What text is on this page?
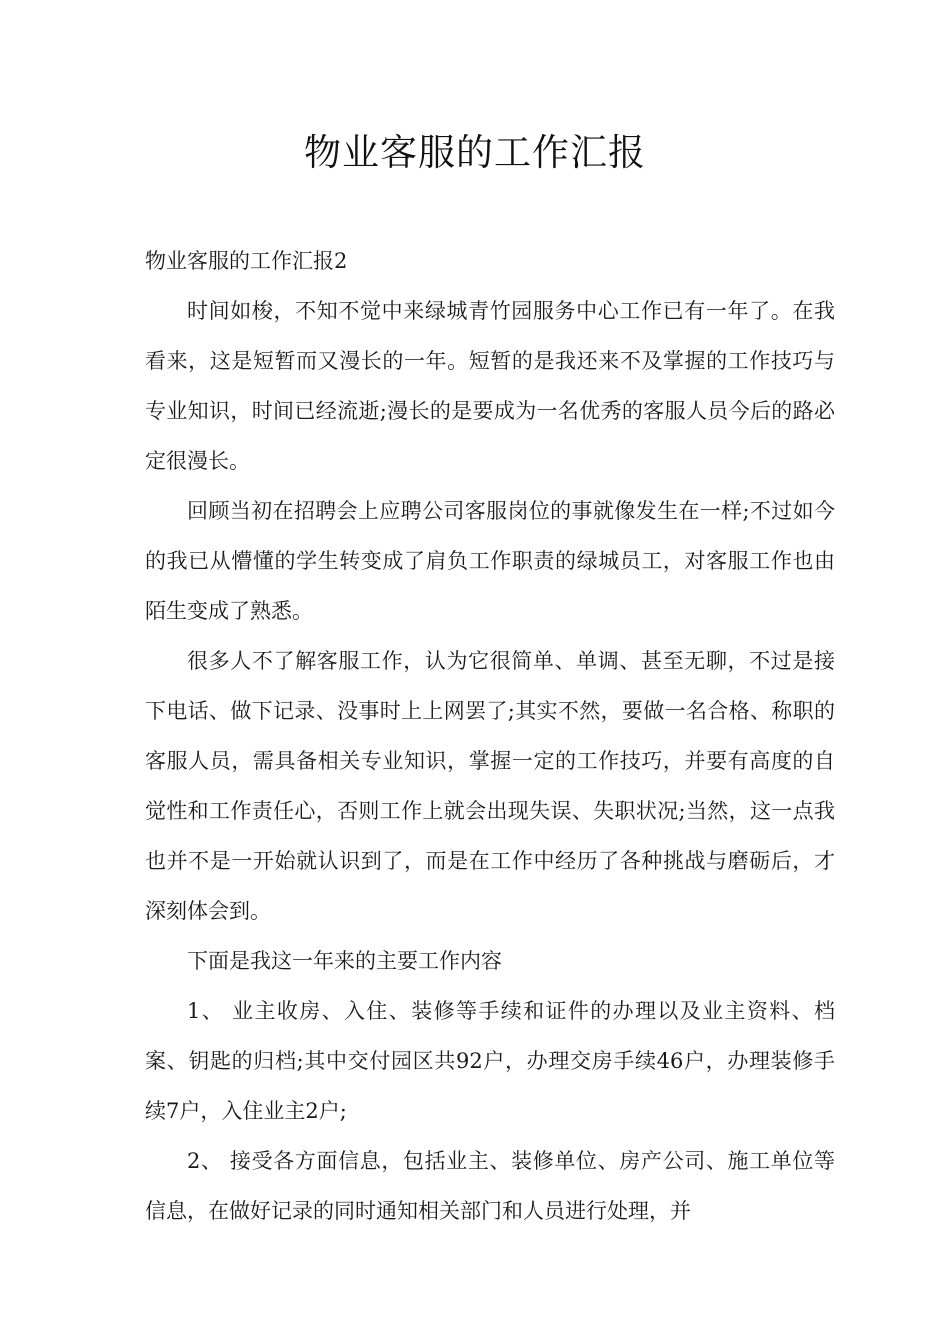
物业客服的工作汇报

物业客服的工作汇报2

时间如梭，不知不觉中来绿城青竹园服务中心工作已有一年了。在我看来，这是短暂而又漫长的一年。短暂的是我还来不及掌握的工作技巧与专业知识，时间已经流逝;漫长的是要成为一名优秀的客服人员今后的路必定很漫长。

回顾当初在招聘会上应聘公司客服岗位的事就像发生在一样;不过如今的我已从懵懂的学生转变成了肩负工作职责的绿城员工，对客服工作也由陌生变成了熟悉。

很多人不了解客服工作，认为它很简单、单调、甚至无聊，不过是接下电话、做下记录、没事时上上网罢了;其实不然，要做一名合格、称职的客服人员，需具备相关专业知识，掌握一定的工作技巧，并要有高度的自觉性和工作责任心，否则工作上就会出现失误、失职状况;当然，这一点我也并不是一开始就认识到了，而是在工作中经历了各种挑战与磨砺后，才深刻体会到。

下面是我这一年来的主要工作内容

1、 业主收房、入住、装修等手续和证件的办理以及业主资料、档案、钥匙的归档;其中交付园区共92户，办理交房手续46户，办理装修手续7户，入住业主2户;

2、 接受各方面信息，包括业主、装修单位、房产公司、施工单位等信息，在做好记录的同时通知相关部门和人员进行处理，并
